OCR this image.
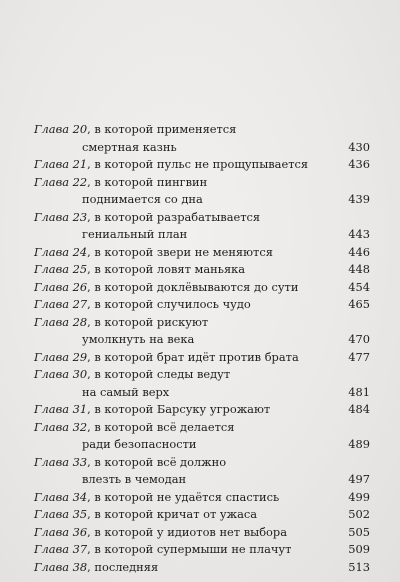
Глава 20, в которой применяется
смертная казнь	430
Глава 21, в которой пульс не прощупывается	436
Глава 22, в которой пингвин
поднимается со дна	439
Глава 23, в которой разрабатывается
гениальный план	443
Глава 24, в которой звери не меняются	446
Глава 25, в которой ловят маньяка	448
Глава 26, в которой доклёвываются до сути	454
Глава 27, в которой случилось чудо	465
Глава 28, в которой рискуют
умолкнуть на века	470
Глава 29, в которой брат идёт против брата	477
Глава 30, в которой следы ведут
на самый верх	481
Глава 31, в которой Барсуку угрожают	484
Глава 32, в которой всё делается
ради безопасности	489
Глава 33, в которой всё должно
влезть в чемодан	497
Глава 34, в которой не удаётся спастись	499
Глава 35, в которой кричат от ужаса	502
Глава 36, в которой у идиотов нет выбора	505
Глава 37, в которой супермыши не плачут	509
Глава 38, последняя	513
